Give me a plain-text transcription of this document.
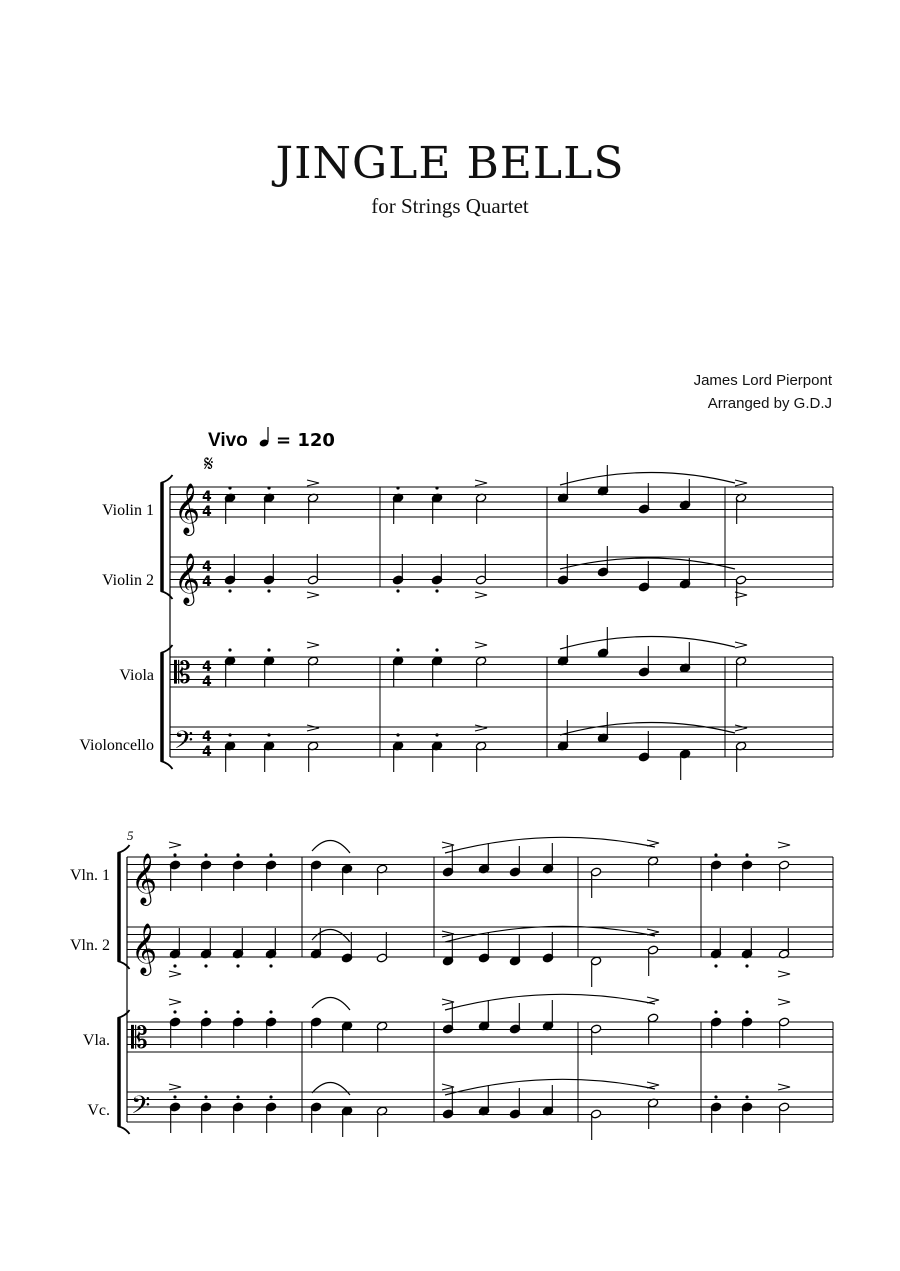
JINGLE BELLS
for Strings Quartet
James Lord Pierpont
Arranged by G.D.J
Vivo = 120
𝄋
Violin 1
Violin 2
Viola
Violoncello
Vln. 1
Vln. 2
Vla.
Vc.
5
𝄞 4
4
𝄞 4
4
𝄡 4
4
𝄢 4
4
𝄞
𝄞
𝄡
𝄢
